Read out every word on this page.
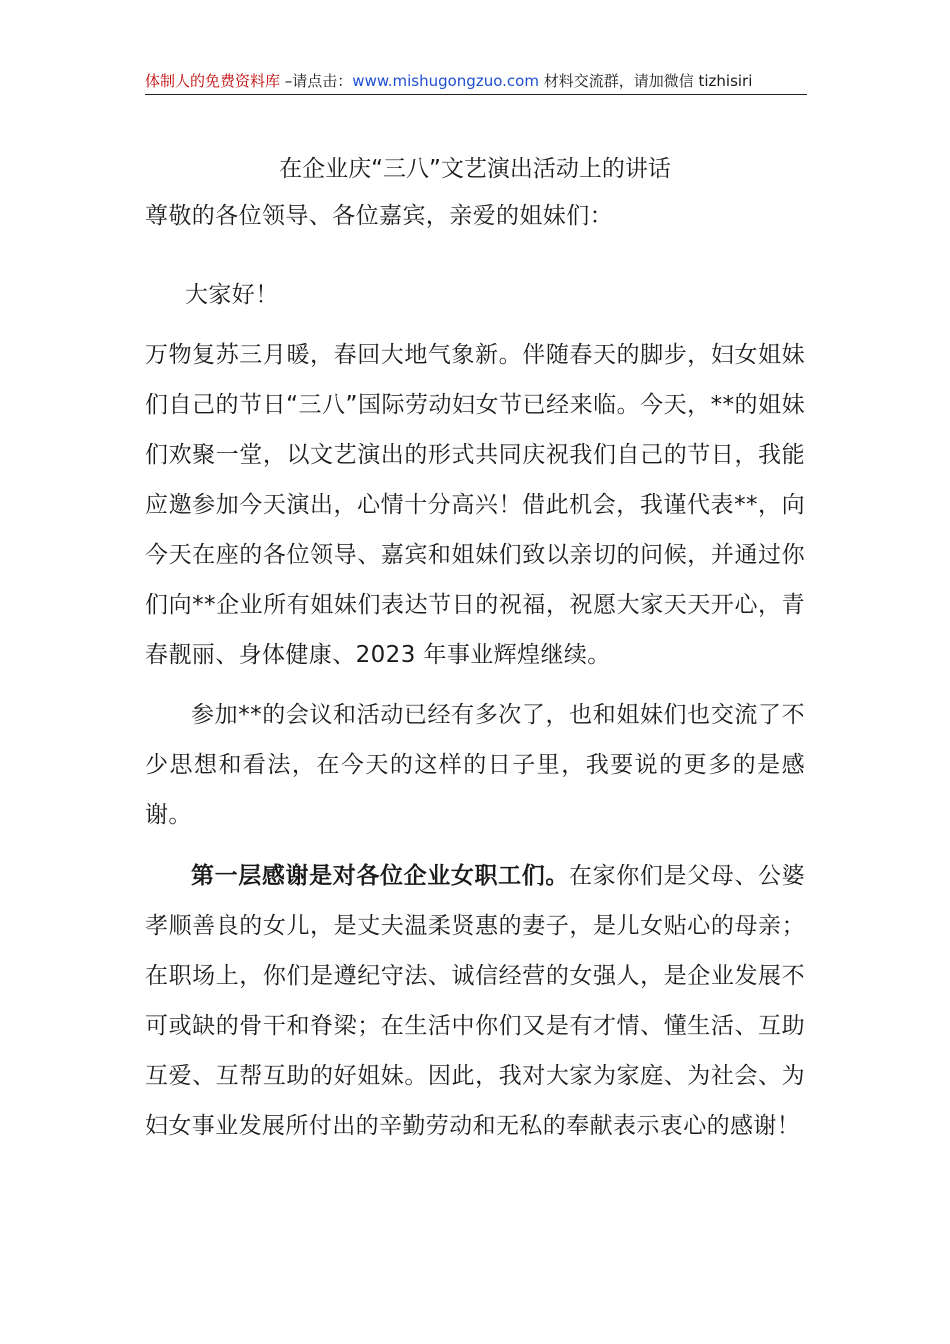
体制人的免费资料库 –请点击：www.mishugongzuo.com 材料交流群，请加微信 tizhisiri
在企业庆“三八”文艺演出活动上的讲话
尊敬的各位领导、各位嘉宾，亲爱的姐妹们：
大家好！
万物复苏三月暖，春回大地气象新。伴随春天的脚步，妇女姐妹们自己的节日“三八”国际劳动妇女节已经来临。今天，**的姐妹们欢聚一堂，以文艺演出的形式共同庆祝我们自己的节日，我能应邀参加今天演出，心情十分高兴！借此机会，我谨代表**，向今天在座的各位领导、嘉宾和姐妹们致以亲切的问候，并通过你们向**企业所有姐妹们表达节日的祝福，祝愿大家天天开心，青春靓丽、身体健康、2023 年事业辉煌继续。
参加**的会议和活动已经有多次了，也和姐妹们也交流了不少思想和看法，在今天的这样的日子里，我要说的更多的是感谢。
第一层感谢是对各位企业女职工们。在家你们是父母、公婆孝顺善良的女儿，是丈夫温柔贤惠的妻子，是儿女贴心的母亲；在职场上，你们是遵纪守法、诚信经营的女强人，是企业发展不可或缺的骨干和脊梁；在生活中你们又是有才情、懂生活、互助互爱、互帮互助的好姐妹。因此，我对大家为家庭、为社会、为妇女事业发展所付出的辛勤劳动和无私的奉献表示衷心的感谢！
